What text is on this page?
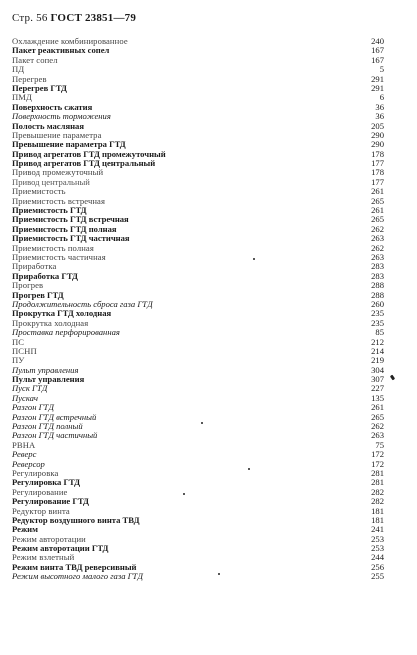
Стр. 56 ГОСТ 23851—79
Охлаждение комбинированное	240
Пакет реактивных сопел	167
Пакет сопел	167
ПД	5
Перегрев	291
Перегрев ГТД	291
ПМД	6
Поверхность сжатия	36
Поверхность торможения	36
Полость масляная	205
Превышение параметра	290
Превышение параметра ГТД	290
Привод агрегатов ГТД промежуточный	178
Привод агрегатов ГТД центральный	177
Привод промежуточный	178
Привод центральный	177
Приемистость	261
Приемистость встречная	265
Приемистость ГТД	261
Приемистость ГТД встречная	265
Приемистость ГТД полная	262
Приемистость ГТД частичная	263
Приемистость полная	262
Приемистость частичная	263
Приработка	283
Приработка ГТД	283
Прогрев	288
Прогрев ГТД	288
Продолжительность сброса газа ГТД	260
Прокрутка ГТД холодная	235
Прокрутка холодная	235
Проставка перфорированная	85
ПС	212
ПСНП	214
ПУ	219
Пульт управления	304
Пульт управления	307
Пуск ГТД	227
Пускач	135
Разгон ГТД	261
Разгон ГТД встречный	265
Разгон ГТД полный	262
Разгон ГТД частичный	263
РВНА	75
Реверс	172
Реверсор	172
Регулировка	281
Регулировка ГТД	281
Регулирование	282
Регулирование ГТД	282
Редуктор винта	181
Редуктор воздушного винта ТВД	181
Режим	241
Режим авторотации	253
Режим авторотации ГТД	253
Режим взлетный	244
Режим винта ТВД реверсивный	256
Режим высотного малого газа ГТД	255
